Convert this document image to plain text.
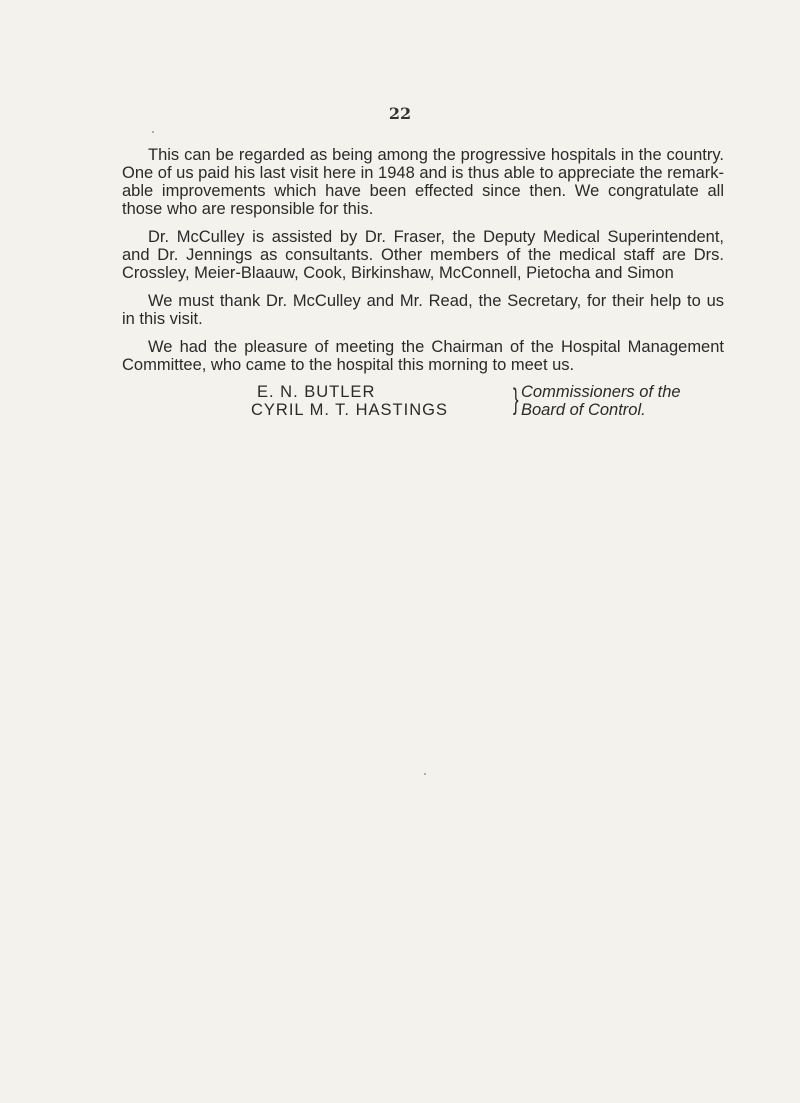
22

This can be regarded as being among the progressive hospitals in the country. One of us paid his last visit here in 1948 and is thus able to appreciate the remark- able improvements which have been effected since then. We congratulate all those who are responsible for this.

Dr. McCulley is assisted by Dr. Fraser, the Deputy Medical Superintendent, and Dr. Jennings as consultants. Other members of the medical staff are Drs. Crossley, Meier-Blaauw, Cook, Birkinshaw, McConnell, Pietocha and Simon

We must thank Dr. McCulley and Mr. Read, the Secretary, for their help to us in this visit.

We had the pleasure of meeting the Chairman of the Hospital Management Committee, who came to the hospital this morning to meet us.

E. N. BUTLER
CYRIL M. T. HASTINGS	} Commissioners of the
Board of Control.
